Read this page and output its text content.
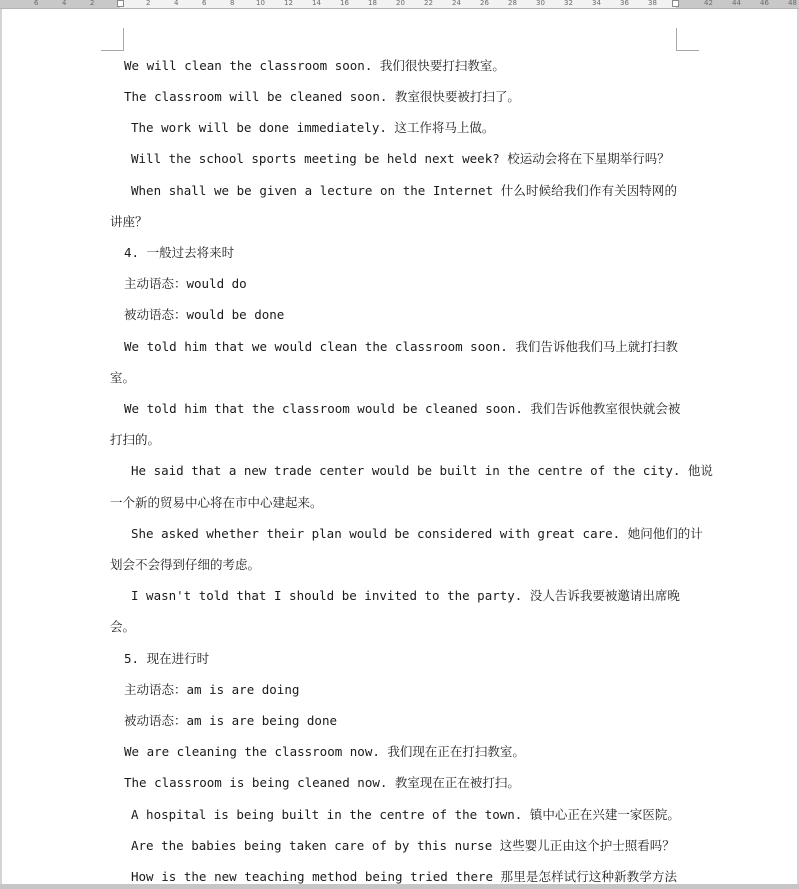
6	4	2	2	4	6	8	10	12	14	16	18	20	22	24	26	28	30	32	34	36	38	42	44	46	48

We will clean the classroom soon. 我们很快要打扫教室。

The classroom will be cleaned soon. 教室很快要被打扫了。

The work will be done immediately. 这工作将马上做。

Will the school sports meeting be held next week? 校运动会将在下星期举行吗？

When shall we be given a lecture on the Internet 什么时候给我们作有关因特网的

讲座？

4. 一般过去将来时

主动语态：would do

被动语态：would be done

We told him that we would clean the classroom soon. 我们告诉他我们马上就打扫教

室。

We told him that the classroom would be cleaned soon. 我们告诉他教室很快就会被

打扫的。

He said that a new trade center would be built in the centre of the city. 他说

一个新的贸易中心将在市中心建起来。

She asked whether their plan would be considered with great care. 她问他们的计

划会不会得到仔细的考虑。

I wasn't told that I should be invited to the party. 没人告诉我要被邀请出席晚

会。

5. 现在进行时

主动语态：am is are doing

被动语态：am is are being done

We are cleaning the classroom now. 我们现在正在打扫教室。

The classroom is being cleaned now. 教室现在正在被打扫。

A hospital is being built in the centre of the town. 镇中心正在兴建一家医院。

Are the babies being taken care of by this nurse 这些婴儿正由这个护士照看吗？

How is the new teaching method being tried there 那里是怎样试行这种新教学方法
